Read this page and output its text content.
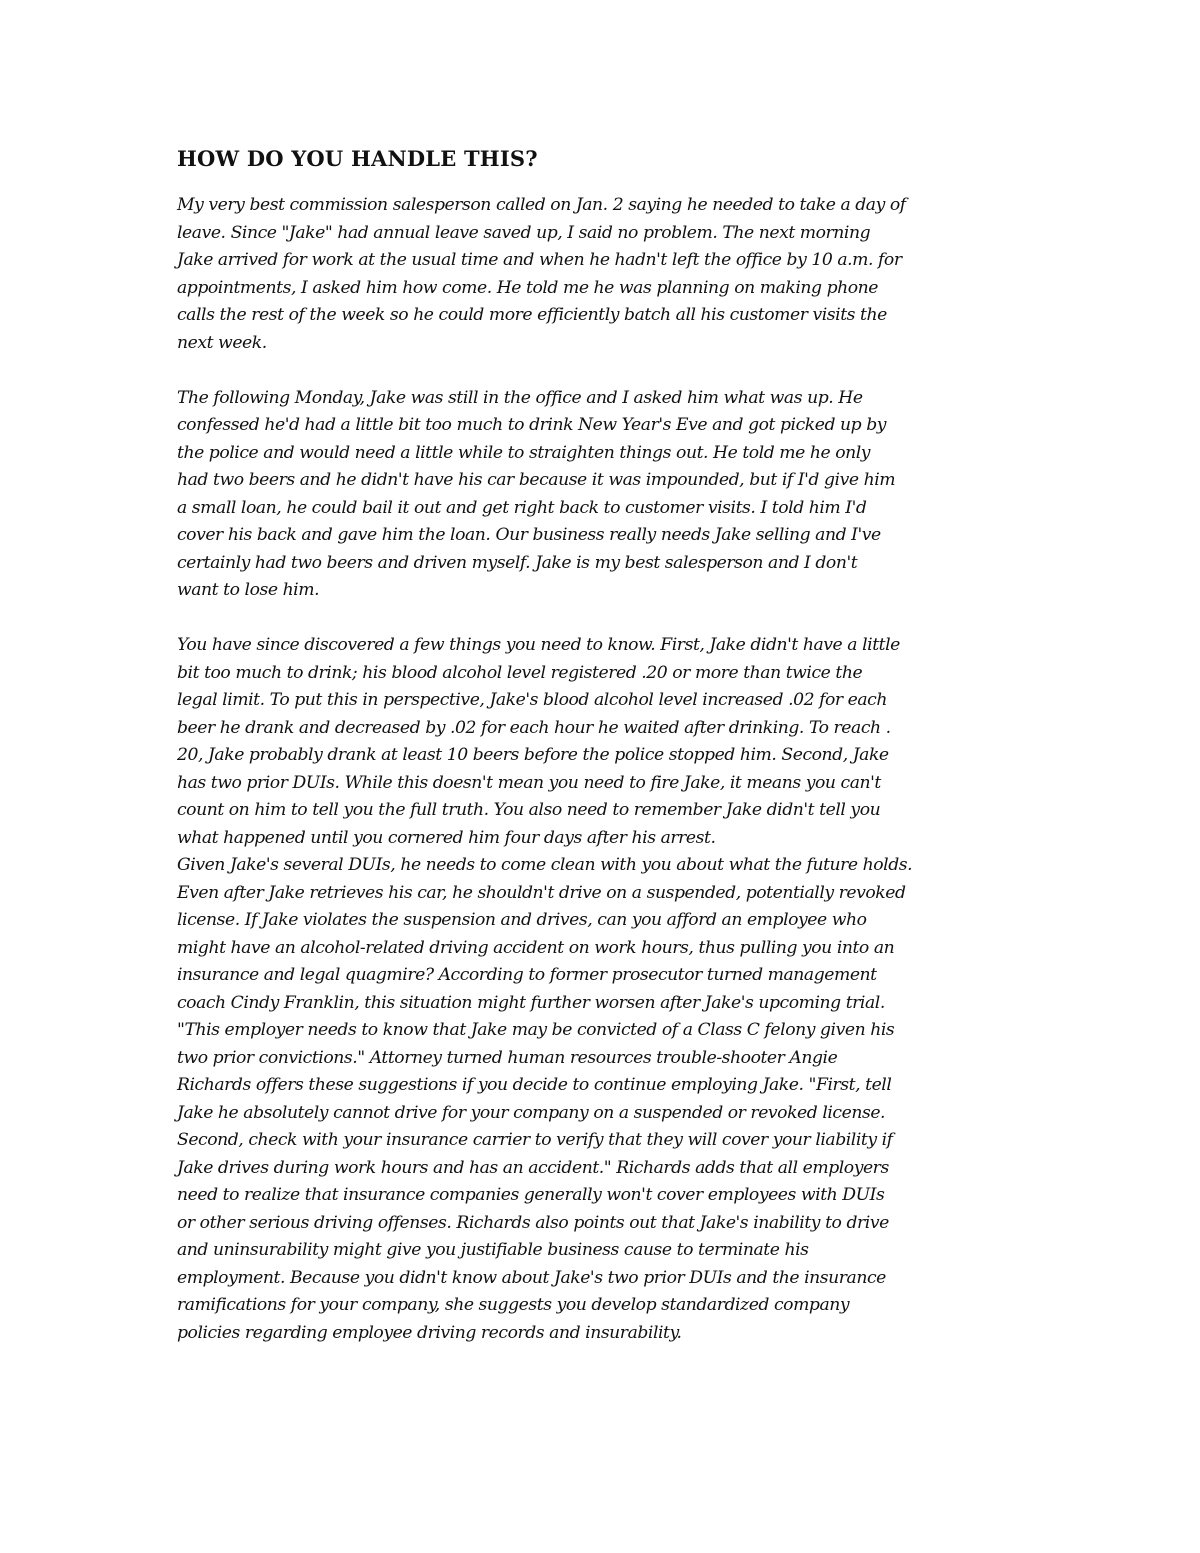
HOW DO YOU HANDLE THIS?
My very best commission salesperson called on Jan. 2 saying he needed to take a day of
leave. Since "Jake" had annual leave saved up, I said no problem. The next morning
Jake arrived for work at the usual time and when he hadn't left the office by 10 a.m. for
appointments, I asked him how come. He told me he was planning on making phone
calls the rest of the week so he could more efficiently batch all his customer visits the
next week.
The following Monday, Jake was still in the office and I asked him what was up. He
confessed he'd had a little bit too much to drink New Year's Eve and got picked up by
the police and would need a little while to straighten things out. He told me he only
had two beers and he didn't have his car because it was impounded, but if I'd give him
a small loan, he could bail it out and get right back to customer visits. I told him I'd
cover his back and gave him the loan. Our business really needs Jake selling and I've
certainly had two beers and driven myself. Jake is my best salesperson and I don't
want to lose him.
You have since discovered a few things you need to know. First, Jake didn't have a little
bit too much to drink; his blood alcohol level registered .20 or more than twice the
legal limit. To put this in perspective, Jake's blood alcohol level increased .02 for each
beer he drank and decreased by .02 for each hour he waited after drinking. To reach .
20, Jake probably drank at least 10 beers before the police stopped him. Second, Jake
has two prior DUIs. While this doesn't mean you need to fire Jake, it means you can't
count on him to tell you the full truth. You also need to remember Jake didn't tell you
what happened until you cornered him four days after his arrest.
Given Jake's several DUIs, he needs to come clean with you about what the future holds.
Even after Jake retrieves his car, he shouldn't drive on a suspended, potentially revoked
license. If Jake violates the suspension and drives, can you afford an employee who
might have an alcohol-related driving accident on work hours, thus pulling you into an
insurance and legal quagmire? According to former prosecutor turned management
coach Cindy Franklin, this situation might further worsen after Jake's upcoming trial.
"This employer needs to know that Jake may be convicted of a Class C felony given his
two prior convictions." Attorney turned human resources trouble-shooter Angie
Richards offers these suggestions if you decide to continue employing Jake. "First, tell
Jake he absolutely cannot drive for your company on a suspended or revoked license.
Second, check with your insurance carrier to verify that they will cover your liability if
Jake drives during work hours and has an accident." Richards adds that all employers
need to realize that insurance companies generally won't cover employees with DUIs
or other serious driving offenses. Richards also points out that Jake's inability to drive
and uninsurability might give you justifiable business cause to terminate his
employment. Because you didn't know about Jake's two prior DUIs and the insurance
ramifications for your company, she suggests you develop standardized company
policies regarding employee driving records and insurability.
